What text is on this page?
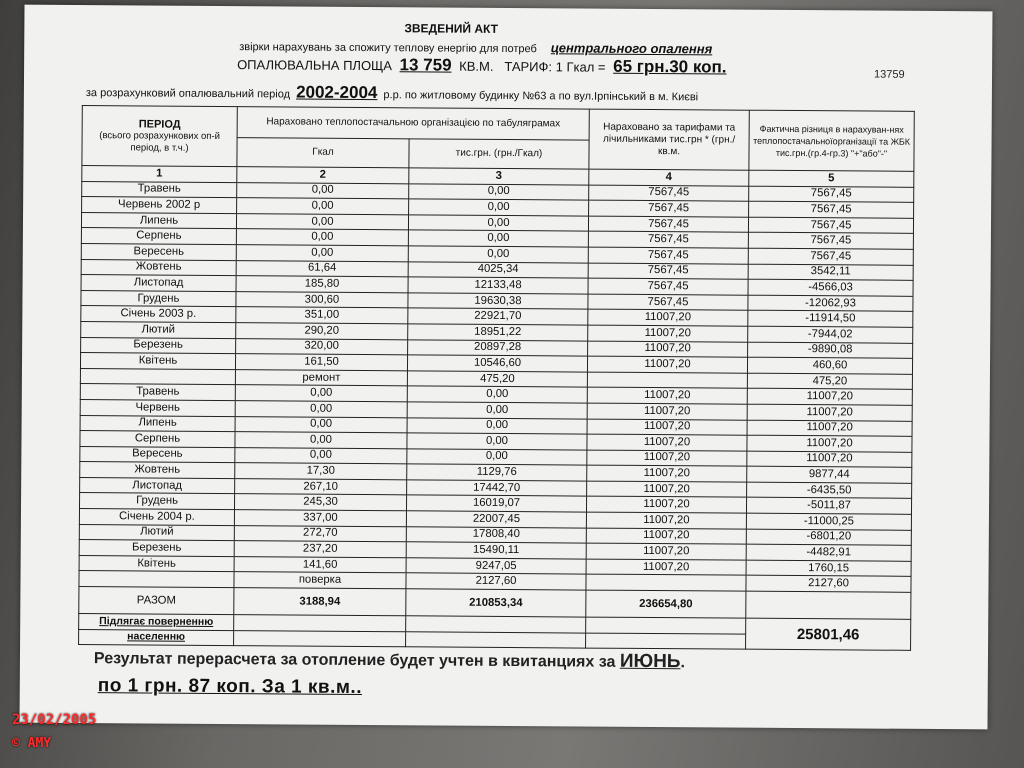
ЗВЕДЕНИЙ АКТ
звірки нарахувань за спожиту теплову енергію для потреб центрального опалення
ОПАЛЮВАЛЬНА ПЛОЩА 13 759 КВ.М. ТАРИФ: 1 Гкал = 65 грн.30 коп.	13759
за розрахунковий опалювальний період 2002-2004 р.р. по житловому будинку №63 а по вул.Ірпінський в м. Києві
ПЕРІОД
(всього розрахункових оп-й період, в т.ч.)	Нараховано теплопостачальною організацією по табуляграмах		Нараховано за тарифами та лічильниками тис.грн * (грн./кв.м.	Фактична різниця в нарахуван-нях теплопостачальноїорганізації та ЖБК тис.грн.(гр.4-гр.3) "+"або"-"

	Гкал	тис.грн. (грн./Гкал)		
1	2	3	4	5
Травень	0,00	0,00	7567,45	7567,45
Червень 2002 р	0,00	0,00	7567,45	7567,45
Липень	0,00	0,00	7567,45	7567,45
Серпень	0,00	0,00	7567,45	7567,45
Вересень	0,00	0,00	7567,45	7567,45
Жовтень	61,64	4025,34	7567,45	3542,11
Листопад	185,80	12133,48	7567,45	-4566,03
Грудень	300,60	19630,38	7567,45	-12062,93
Січень 2003 р.	351,00	22921,70	11007,20	-11914,50
Лютий	290,20	18951,22	11007,20	-7944,02
Березень	320,00	20897,28	11007,20	-9890,08
Квітень	161,50	10546,60	11007,20	460,60
	ремонт	475,20		475,20
Травень	0,00	0,00	11007,20	11007,20
Червень	0,00	0,00	11007,20	11007,20
Липень	0,00	0,00	11007,20	11007,20
Серпень	0,00	0,00	11007,20	11007,20
Вересень	0,00	0,00	11007,20	11007,20
Жовтень	17,30	1129,76	11007,20	9877,44
Листопад	267,10	17442,70	11007,20	-6435,50
Грудень	245,30	16019,07	11007,20	-5011,87
Січень 2004 р.	337,00	22007,45	11007,20	-11000,25
Лютий	272,70	17808,40	11007,20	-6801,20
Березень	237,20	15490,11	11007,20	-4482,91
Квітень	141,60	9247,05	11007,20	1760,15
	поверка	2127,60		2127,60
РАЗОМ	3188,94	210853,34	236654,80	
Підлягає поверненню				25801,46
населенню				
Результат перерасчета за отопление будет учтен в квитанциях за ИЮНЬ.
по 1 грн. 87 коп. За 1 кв.м..
23/02/2005
© AMY
